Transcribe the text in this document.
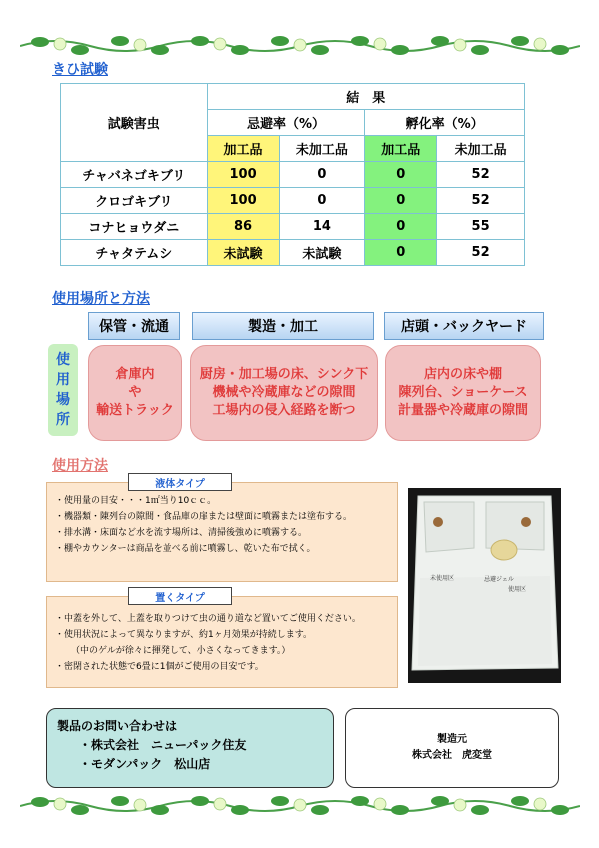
きひ試験
試験害虫	結　果			
	忌避率（%）		孵化率（%）	
	加工品	未加工品	加工品	未加工品
チャバネゴキブリ	100	0	0	52
クロゴキブリ	100	0	0	52
コナヒョウダニ	86	14	0	55
チャタテムシ	未試験	未試験	0	52
使用場所と方法
保管・流通	製造・加工	店頭・バックヤード
使
用
場
所
倉庫内
や
輸送トラック
厨房・加工場の床、シンク下
機械や冷蔵庫などの隙間
工場内の侵入経路を断つ
店内の床や棚
陳列台、ショーケース
計量器や冷蔵庫の隙間
使用方法
・使用量の目安・・・1㎡当り10ｃｃ。
・機器類・陳列台の隙間・食品庫の扉または壁面に噴霧または塗布する。
・排水溝・床面など水を流す場所は、清掃後強めに噴霧する。
・棚やカウンターは商品を並べる前に噴霧し、乾いた布で拭く。
液体タイプ
・中蓋を外して、上蓋を取りつけて虫の通り道など置いてご使用ください。
・使用状況によって異なりますが、約1ヶ月効果が持続します。
（中のゲルが徐々に揮発して、小さくなってきます。）
・密閉された状態で6畳に1個がご使用の目安です。
置くタイプ
未使用区	忌避ジェル
使用区
製品のお問い合わせは
・株式会社　ニューパック住友
・モダンパック　松山店
製造元
株式会社　虎変堂
